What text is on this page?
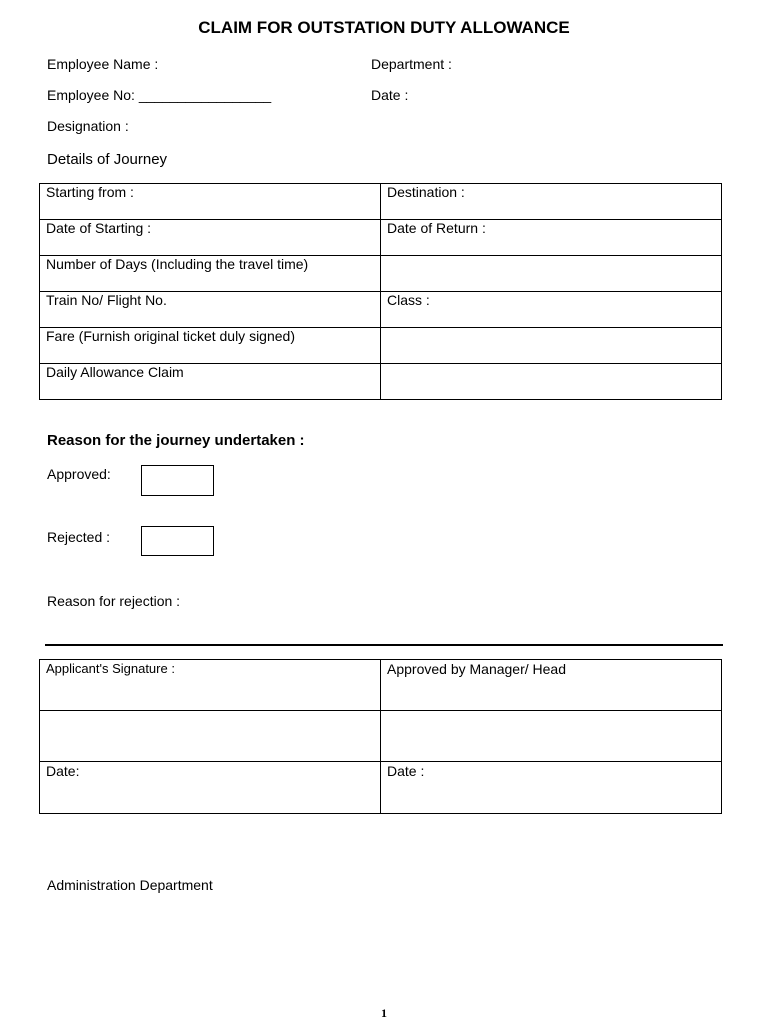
CLAIM FOR OUTSTATION DUTY ALLOWANCE
Employee Name :	Department :
Employee No: _________________	Date :
Designation :
Details of Journey
Starting from :	Destination :
Date of Starting :	Date of Return :
Number of Days (Including the travel time)	
Train No/ Flight No.	Class :
Fare (Furnish original ticket duly signed)	
Daily Allowance Claim	
Reason for the journey undertaken :
Approved:
Rejected :
Reason for rejection :
Applicant's Signature :	Approved by Manager/ Head

Date:	Date :
Administration Department
1
